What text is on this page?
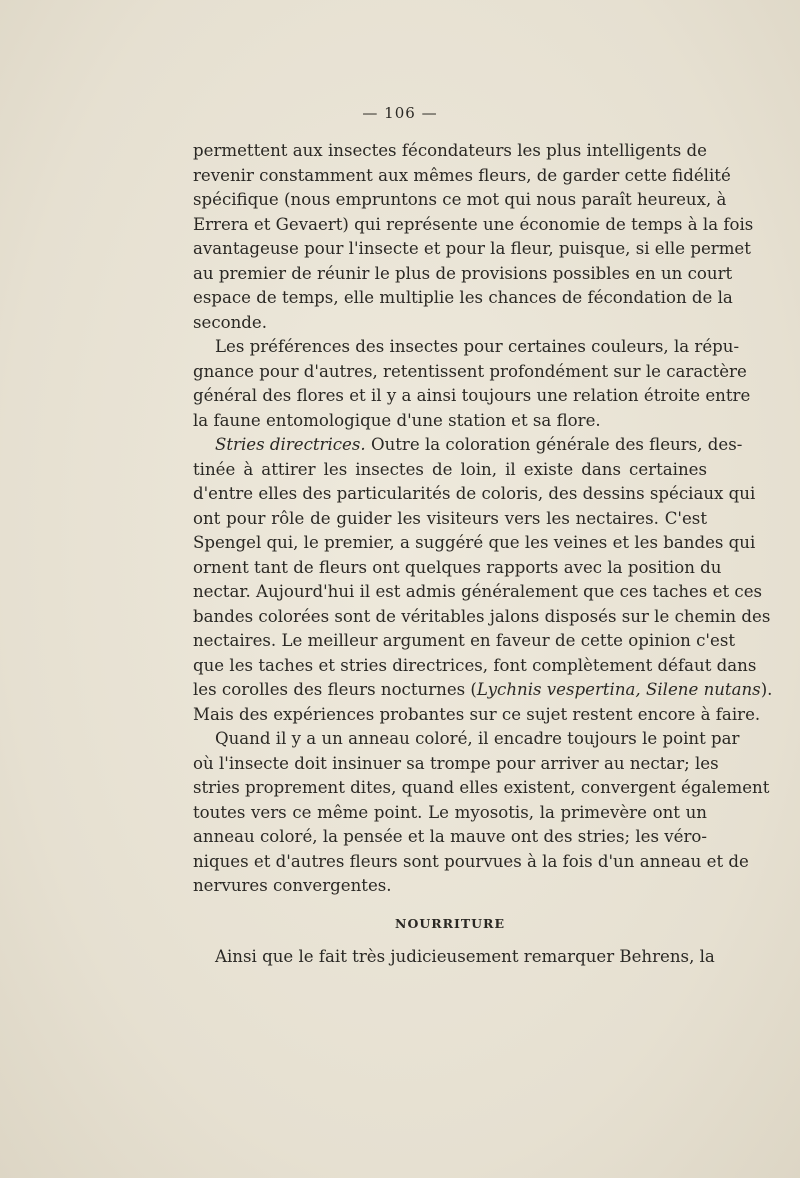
— 106 —
permettent aux insectes fécondateurs les plus intelligents de
revenir constamment aux mêmes fleurs, de garder cette fidélité
spécifique (nous empruntons ce mot qui nous paraît heureux, à
Errera et Gevaert) qui représente une économie de temps à la fois
avantageuse pour l'insecte et pour la fleur, puisque, si elle permet
au premier de réunir le plus de provisions possibles en un court
espace de temps, elle multiplie les chances de fécondation de la
seconde.
Les préférences des insectes pour certaines couleurs, la répu-
gnance pour d'autres, retentissent profondément sur le caractère
général des flores et il y a ainsi toujours une relation étroite entre
la faune entomologique d'une station et sa flore.
Stries directrices. Outre la coloration générale des fleurs, des-
tinée à attirer les insectes de loin, il existe dans certaines
d'entre elles des particularités de coloris, des dessins spéciaux qui
ont pour rôle de guider les visiteurs vers les nectaires. C'est
Spengel qui, le premier, a suggéré que les veines et les bandes qui
ornent tant de fleurs ont quelques rapports avec la position du
nectar. Aujourd'hui il est admis généralement que ces taches et ces
bandes colorées sont de véritables jalons disposés sur le chemin des
nectaires. Le meilleur argument en faveur de cette opinion c'est
que les taches et stries directrices, font complètement défaut dans
les corolles des fleurs nocturnes (Lychnis vespertina, Silene nutans).
Mais des expériences probantes sur ce sujet restent encore à faire.
Quand il y a un anneau coloré, il encadre toujours le point par
où l'insecte doit insinuer sa trompe pour arriver au nectar; les
stries proprement dites, quand elles existent, convergent également
toutes vers ce même point. Le myosotis, la primevère ont un
anneau coloré, la pensée et la mauve ont des stries; les véro-
niques et d'autres fleurs sont pourvues à la fois d'un anneau et de
nervures convergentes.
NOURRITURE
Ainsi que le fait très judicieusement remarquer Behrens, la
